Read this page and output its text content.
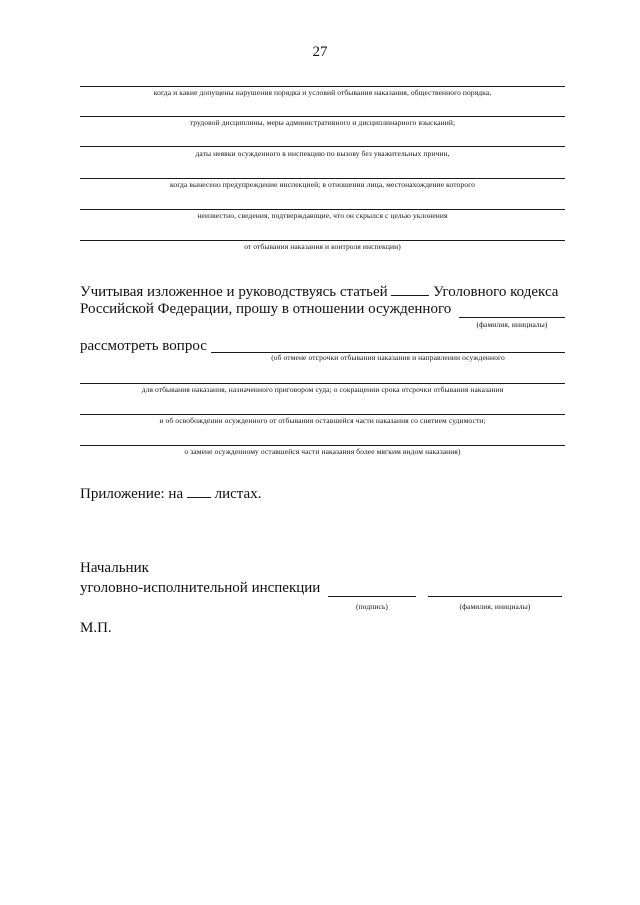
27
когда и какие допущены нарушения порядка и условий отбывания наказания, общественного порядка,
трудовой дисциплины, меры административного и дисциплинарного взысканий;
даты неявки осужденного в инспекцию по вызову без уважительных причин,
когда вынесено предупреждение инспекцией; в отношении лица, местонахождение которого
неизвестно, сведения, подтверждающие, что он скрылся с целью уклонения
от отбывания наказания и контроля инспекции)
Учитывая изложенное и руководствуясь статьей	Уголовного кодекса
Российской Федерации, прошу в отношении осужденного
(фамилия, инициалы)
рассмотреть вопрос
(об отмене отсрочки отбывания наказания и направлении осужденного
для отбывания наказания, назначенного приговором суда; о сокращении срока отсрочки отбывания наказания
и об освобождении осужденного от отбывания оставшейся части наказания со снятием судимости;
о замене осужденному оставшейся части наказания более мягким видом наказания)
Приложение: на листах.
Начальник
уголовно-исполнительной инспекции
(подпись)	(фамилия, инициалы)
М.П.
